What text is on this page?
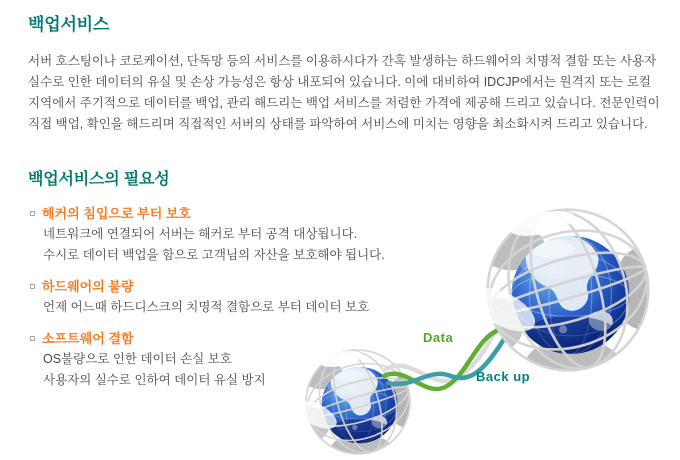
백업서비스
서버 호스팅이나 코로케이션, 단독망 등의 서비스를 이용하시다가 간혹 발생하는 하드웨어의 치명적 결함 또는 사용자
실수로 인한 데이터의 유실 및 손상 가능성은 항상 내포되어 있습니다. 이에 대비하여 IDCJP에서는 원격지 또는 로컬
지역에서 주기적으로 데이터를 백업, 관리 해드리는 백업 서비스를 저렴한 가격에 제공해 드리고 있습니다. 전문인력이
직접 백업, 확인을 해드리며 직접적인 서버의 상태를 파악하여 서비스에 미치는 영향을 최소화시켜 드리고 있습니다.
백업서비스의 필요성
해커의 침입으로 부터 보호
네트워크에 연결되어 서버는 해커로 부터 공격 대상됩니다.
수시로 데이터 백업을 함으로 고객님의 자산을 보호해야 됩니다.
하드웨어의 불량
언제 어느때 하드디스크의 치명적 결함으로 부터 데이터 보호
소프트웨어 결함
OS불량으로 인한 데이터 손실 보호
사용자의 실수로 인하여 데이터 유실 방지
Data
Back up
